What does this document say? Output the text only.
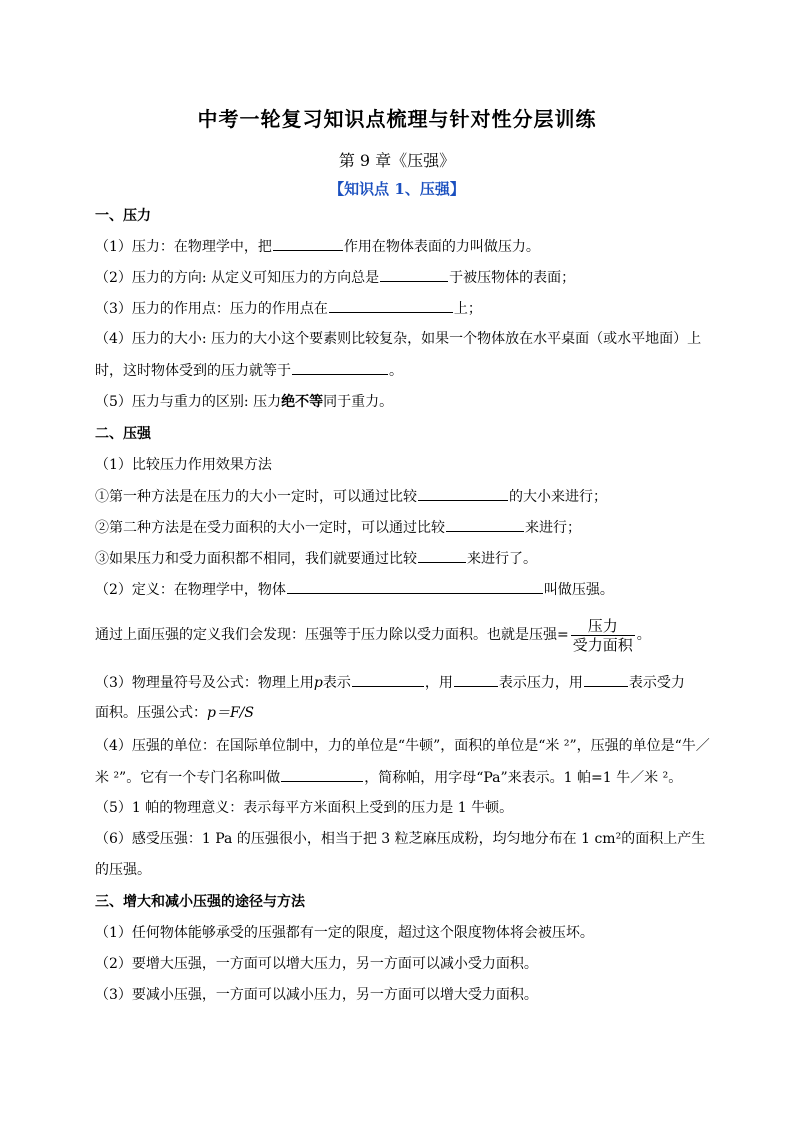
中考一轮复习知识点梳理与针对性分层训练
第 9 章《压强》
【知识点 1、压强】
一、压力
（1）压力：在物理学中，把	作用在物体表面的力叫做压力。
（2）压力的方向: 从定义可知压力的方向总是	于被压物体的表面；
（3）压力的作用点：压力的作用点在	上；
（4）压力的大小: 压力的大小这个要素则比较复杂，如果一个物体放在水平桌面（或水平地面）上
时，这时物体受到的压力就等于	。
（5）压力与重力的区别: 压力绝不等同于重力。
二、压强
（1）比较压力作用效果方法
①第一种方法是在压力的大小一定时，可以通过比较	的大小来进行；
②第二种方法是在受力面积的大小一定时，可以通过比较	来进行；
③如果压力和受力面积都不相同，我们就要通过比较	来进行了。
（2）定义：在物理学中，物体	叫做压强。
通过上面压强的定义我们会发现：压强等于压力除以受力面积。也就是压强= $\frac{\text{压力}}{\text{受力面积}}$ 。
（3）物理量符号及公式：物理上用p表示	，用	表示压力，用	表示受力
面积。压强公式：p＝F/S
（4）压强的单位：在国际单位制中，力的单位是“牛顿”，面积的单位是“米 ²”，压强的单位是“牛／
米 ²”。它有一个专门名称叫做	，简称帕，用字母“Pa”来表示。1 帕=1 牛／米 ²。
（5）1 帕的物理意义：表示每平方米面积上受到的压力是 1 牛顿。
（6）感受压强：1 Pa 的压强很小，相当于把 3 粒芝麻压成粉，均匀地分布在 1 cm²的面积上产生
的压强。
三、增大和减小压强的途径与方法
（1）任何物体能够承受的压强都有一定的限度，超过这个限度物体将会被压坏。
（2）要增大压强，一方面可以增大压力，另一方面可以减小受力面积。
（3）要减小压强，一方面可以减小压力，另一方面可以增大受力面积。
